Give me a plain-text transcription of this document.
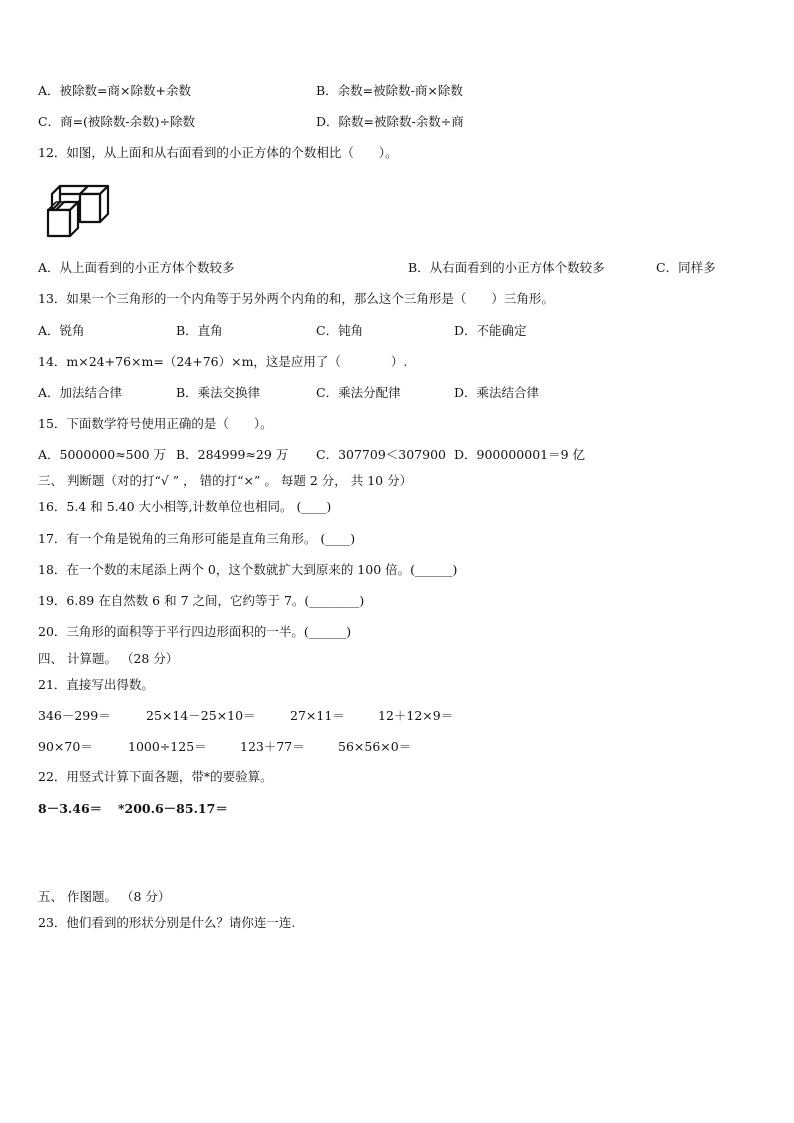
A．被除数=商×除数+余数	B．余数=被除数-商×除数
C．商=(被除数-余数)÷除数	D．除数=被除数-余数÷商
12．如图，从上面和从右面看到的小正方体的个数相比（　　）。
A．从上面看到的小正方体个数较多	B．从右面看到的小正方体个数较多	C．同样多
13．如果一个三角形的一个内角等于另外两个内角的和，那么这个三角形是（　　）三角形。
A．锐角	B．直角	C．钝角	D．不能确定
14．m×24+76×m=（24+76）×m，这是应用了（　　　　）.
A．加法结合律	B．乘法交换律	C．乘法分配律	D．乘法结合律
15．下面数学符号使用正确的是（　　）。
A．5000000≈500 万 B．284999≈29 万 C．307709＜307900 D．900000001＝9 亿
三、 判断题（对的打“√ ” ， 错的打“×” 。 每题 2 分， 共 10 分）
16．5.4 和 5.40 大小相等,计数单位也相同。 (____)
17．有一个角是锐角的三角形可能是直角三角形。 (____)
18．在一个数的末尾添上两个 0，这个数就扩大到原来的 100 倍。(______)
19．6.89 在自然数 6 和 7 之间，它约等于 7。(________)
20．三角形的面积等于平行四边形面积的一半。(______)
四、 计算题。 （28 分）
21．直接写出得数。
346－299＝	25×14－25×10＝	27×11＝	12＋12×9＝
90×70＝	1000÷125＝	123＋77＝	56×56×0＝
22．用竖式计算下面各题，带*的要验算。
8－3.46＝ *200.6－85.17＝
五、 作图题。 （8 分）
23．他们看到的形状分别是什么？请你连一连.
